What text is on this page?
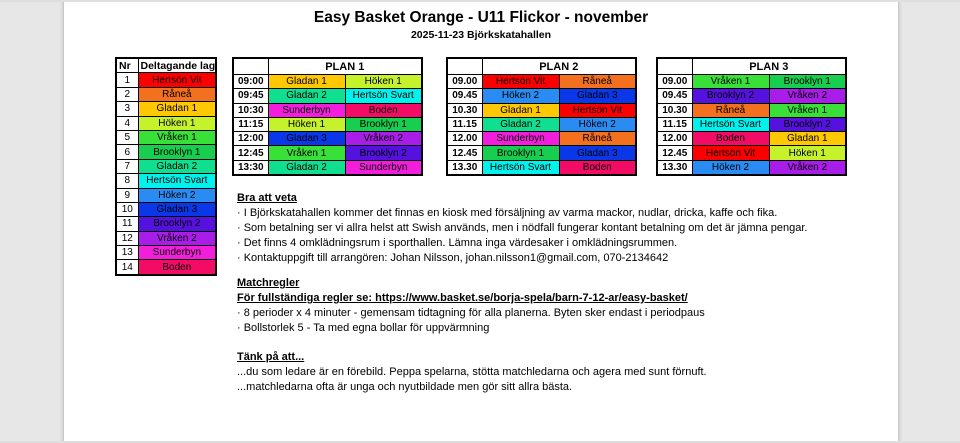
Easy Basket Orange - U11 Flickor - november
2025-11-23 Björkskatahallen
Nr	Deltagande lag
1	Hertsön Vit
2	Råneå
3	Gladan 1
4	Höken 1
5	Vråken 1
6	Brooklyn 1
7	Gladan 2
8	Hertsön Svart
9	Höken 2
10	Gladan 3
11	Brooklyn 2
12	Vråken 2
13	Sunderbyn
14	Boden
	PLAN 1	
09:00	Gladan 1	Höken 1
09:45	Gladan 2	Hertsön Svart
10:30	Sunderbyn	Boden
11:15	Höken 1	Brooklyn 1
12:00	Gladan 3	Vråken 2
12:45	Vråken 1	Brooklyn 2
13:30	Gladan 2	Sunderbyn
	PLAN 2	
09.00	Hertsön Vit	Råneå
09.45	Höken 2	Gladan 3
10.30	Gladan 1	Hertsön Vit
11.15	Gladan 2	Höken 2
12.00	Sunderbyn	Råneå
12.45	Brooklyn 1	Gladan 3
13.30	Hertsön Svart	Boden
	PLAN 3	
09.00	Vråken 1	Brooklyn 1
09.45	Brooklyn 2	Vråken 2
10.30	Råneå	Vråken 1
11.15	Hertsön Svart	Brooklyn 2
12.00	Boden	Gladan 1
12.45	Hertsön Vit	Höken 1
13.30	Höken 2	Vråken 2
Bra att veta
· I Björkskatahallen kommer det finnas en kiosk med försäljning av varma mackor, nudlar, dricka, kaffe och fika.
· Som betalning ser vi allra helst att Swish används, men i nödfall fungerar kontant betalning om det är jämna pengar.
· Det finns 4 omklädningsrum i sporthallen. Lämna inga värdesaker i omklädningsrummen.
· Kontaktuppgift till arrangören: Johan Nilsson, johan.nilsson1@gmail.com, 070-2134642
Matchregler
För fullständiga regler se: https://www.basket.se/borja-spela/barn-7-12-ar/easy-basket/
· 8 perioder x 4 minuter - gemensam tidtagning för alla planerna. Byten sker endast i periodpaus
· Bollstorlek 5 - Ta med egna bollar för uppvärmning
Tänk på att...
...du som ledare är en förebild. Peppa spelarna, stötta matchledarna och agera med sunt förnuft.
...matchledarna ofta är unga och nyutbildade men gör sitt allra bästa.
